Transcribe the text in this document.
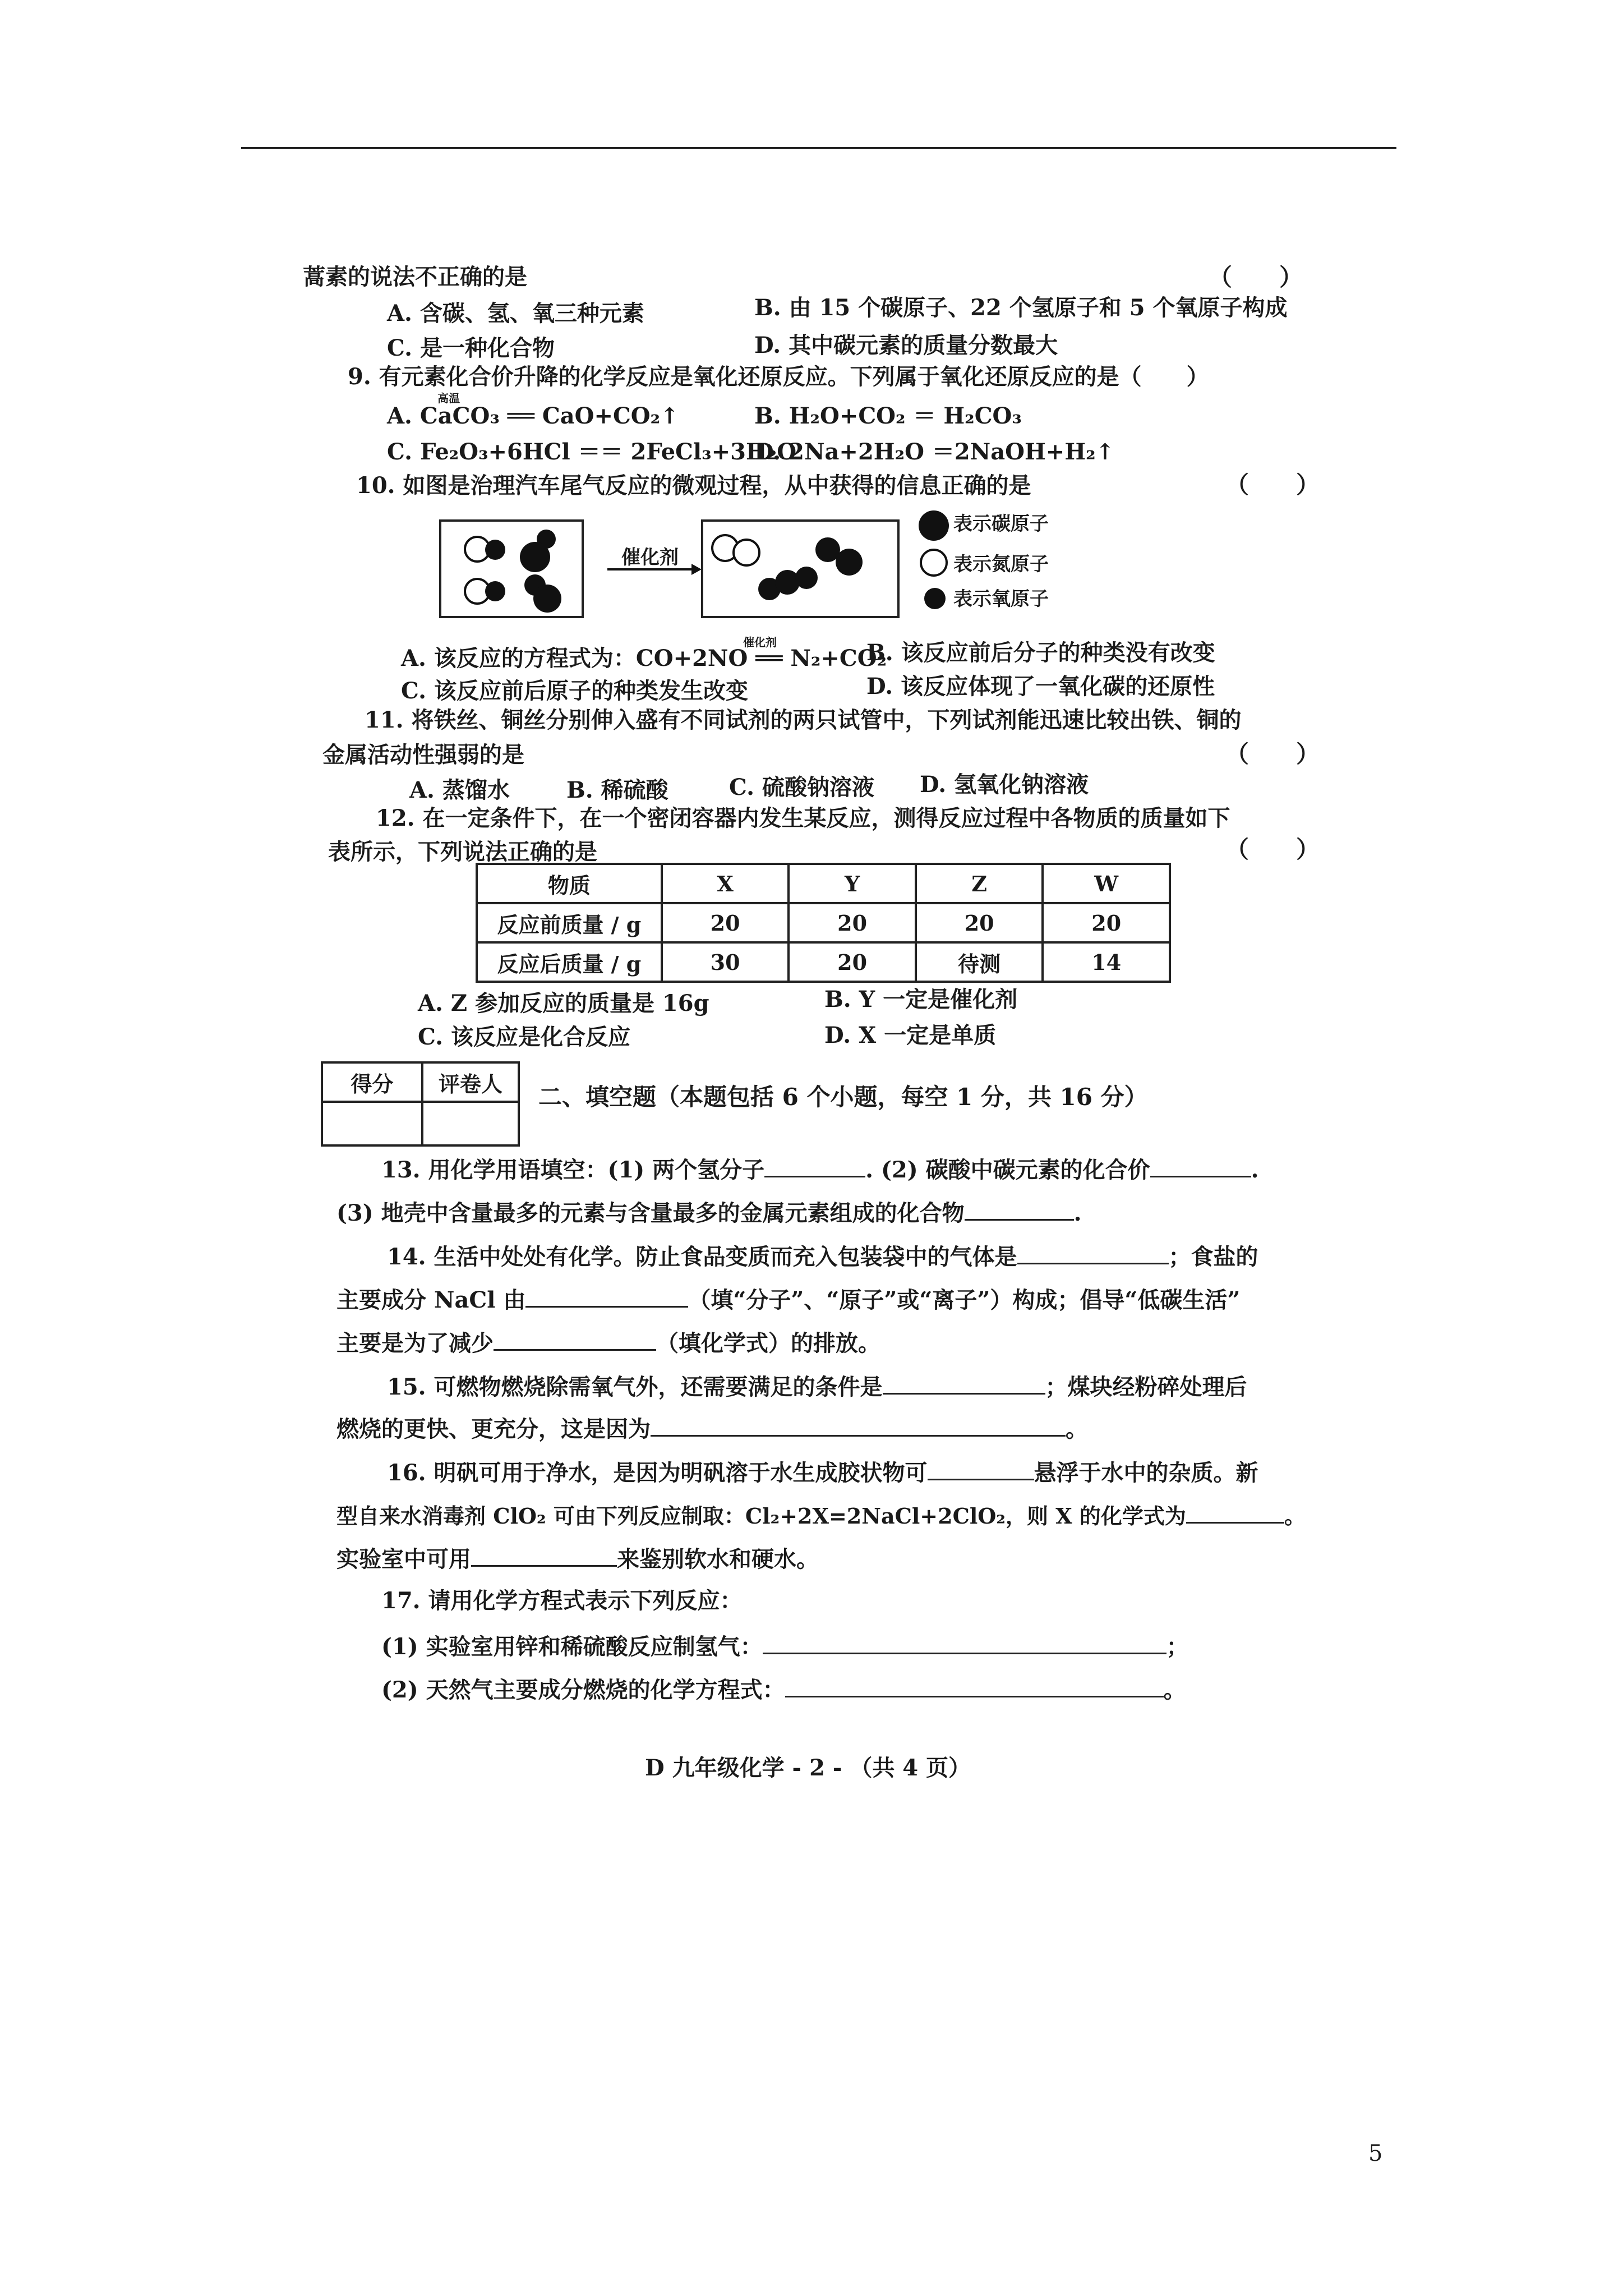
蒿素的说法不正确的是	（　　）
A. 含碳、氢、氧三种元素	B. 由 15 个碳原子、22 个氢原子和 5 个氧原子构成
C. 是一种化合物	D. 其中碳元素的质量分数最大
9. 有元素化合价升降的化学反应是氧化还原反应。下列属于氧化还原反应的是（　　）
高温
A. CaCO₃ ══ CaO+CO₂↑	B. H₂O+CO₂ ＝ H₂CO₃
C. Fe₂O₃+6HCl ＝＝ 2FeCl₃+3H₂O
D. 2Na+2H₂O ＝2NaOH+H₂↑
10. 如图是治理汽车尾气反应的微观过程，从中获得的信息正确的是	（　　）
催化剂
表示碳原子
表示氮原子
表示氧原子
催化剂
A. 该反应的方程式为：CO+2NO ══ N₂+CO₂
B. 该反应前后分子的种类没有改变
C. 该反应前后原子的种类发生改变	D. 该反应体现了一氧化碳的还原性
11. 将铁丝、铜丝分别伸入盛有不同试剂的两只试管中，下列试剂能迅速比较出铁、铜的
金属活动性强弱的是	（　　）
A. 蒸馏水	B. 稀硫酸	C. 硫酸钠溶液 D. 氢氧化钠溶液
12. 在一定条件下，在一个密闭容器内发生某反应，测得反应过程中各物质的质量如下
表所示，下列说法正确的是	（　　）
物质	X	Y	Z	W
反应前质量 / g	20	20	20	20
反应后质量 / g	30	20	待测	14
A. Z 参加反应的质量是 16g	B. Y 一定是催化剂
C. 该反应是化合反应	D. X 一定是单质
得分	评卷人
	二、填空题（本题包括 6 个小题，每空 1 分，共 16 分）
13. 用化学用语填空：(1) 两个氢分子	. (2) 碳酸中碳元素的化合价	.
(3) 地壳中含量最多的元素与含量最多的金属元素组成的化合物	.
14. 生活中处处有化学。防止食品变质而充入包装袋中的气体是	；食盐的
主要成分 NaCl 由	（填“分子”、“原子”或“离子”）构成；倡导“低碳生活”
主要是为了减少	（填化学式）的排放。
15. 可燃物燃烧除需氧气外，还需要满足的条件是	；煤块经粉碎处理后
燃烧的更快、更充分，这是因为	。
16. 明矾可用于净水，是因为明矾溶于水生成胶状物可	悬浮于水中的杂质。新
型自来水消毒剂 ClO₂ 可由下列反应制取：Cl₂+2X=2NaCl+2ClO₂，则 X 的化学式为	。
实验室中可用	来鉴别软水和硬水。
17. 请用化学方程式表示下列反应：
(1) 实验室用锌和稀硫酸反应制氢气：	；
(2) 天然气主要成分燃烧的化学方程式：	。
D 九年级化学 - 2 - （共 4 页）
5
